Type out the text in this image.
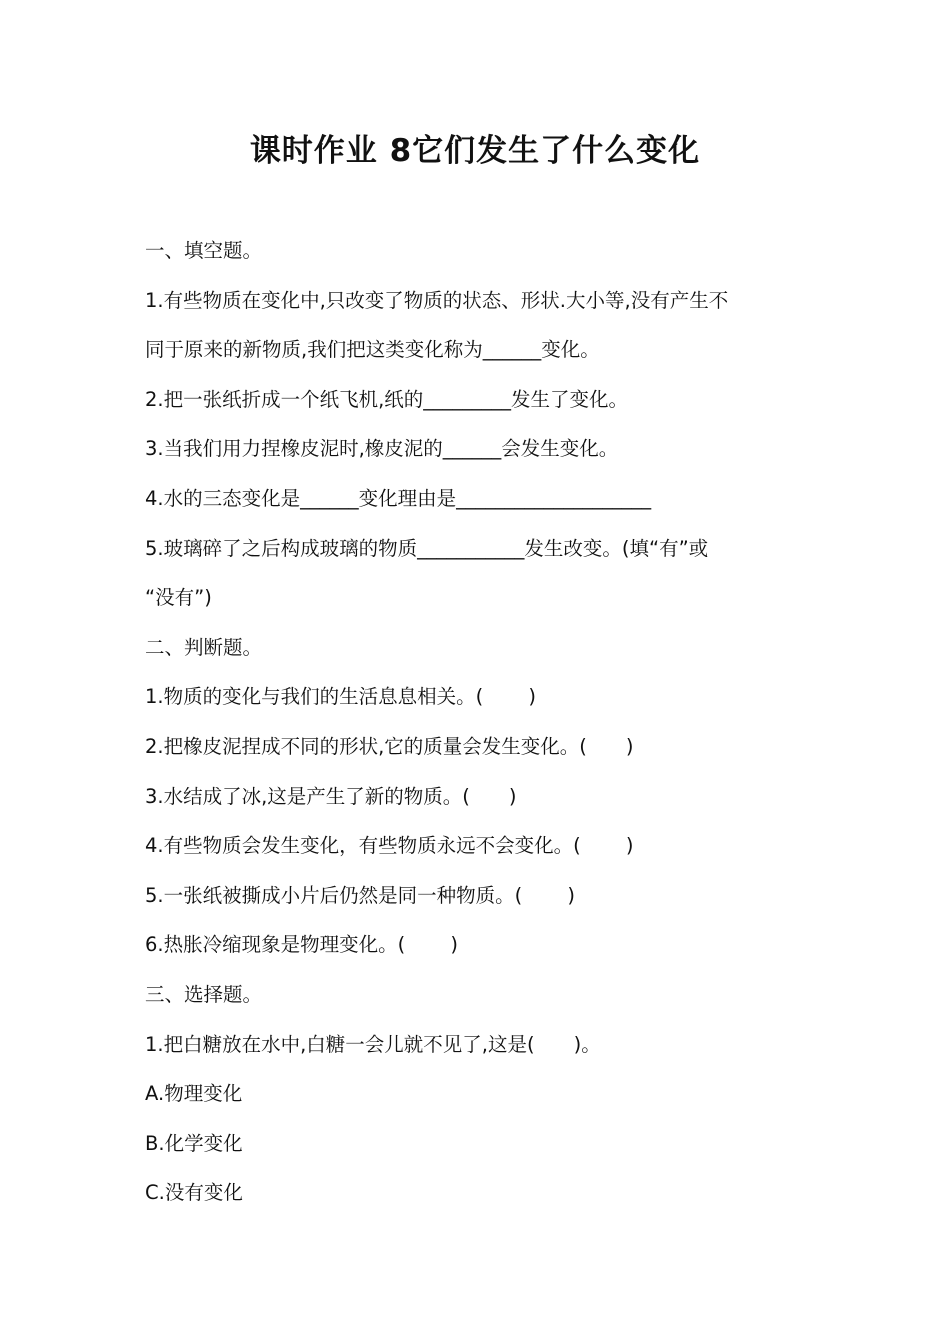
课时作业 8它们发生了什么变化
一、填空题。
1.有些物质在变化中,只改变了物质的状态、形状.大小等,没有产生不
同于原来的新物质,我们把这类变化称为______变化。
2.把一张纸折成一个纸飞机,纸的_________发生了变化。
3.当我们用力捏橡皮泥时,橡皮泥的______会发生变化。
4.水的三态变化是______变化理由是____________________
5.玻璃碎了之后构成玻璃的物质___________发生改变。(填“有”或
“没有”)
二、判断题。
1.物质的变化与我们的生活息息相关。(　　 )
2.把橡皮泥捏成不同的形状,它的质量会发生变化。(　　)
3.水结成了冰,这是产生了新的物质。(　　)
4.有些物质会发生变化，有些物质永远不会变化。(　　 )
5.一张纸被撕成小片后仍然是同一种物质。(　　 )
6.热胀冷缩现象是物理变化。(　　 )
三、选择题。
1.把白糖放在水中,白糖一会儿就不见了,这是(　　)。
A.物理变化
B.化学变化
C.没有变化
